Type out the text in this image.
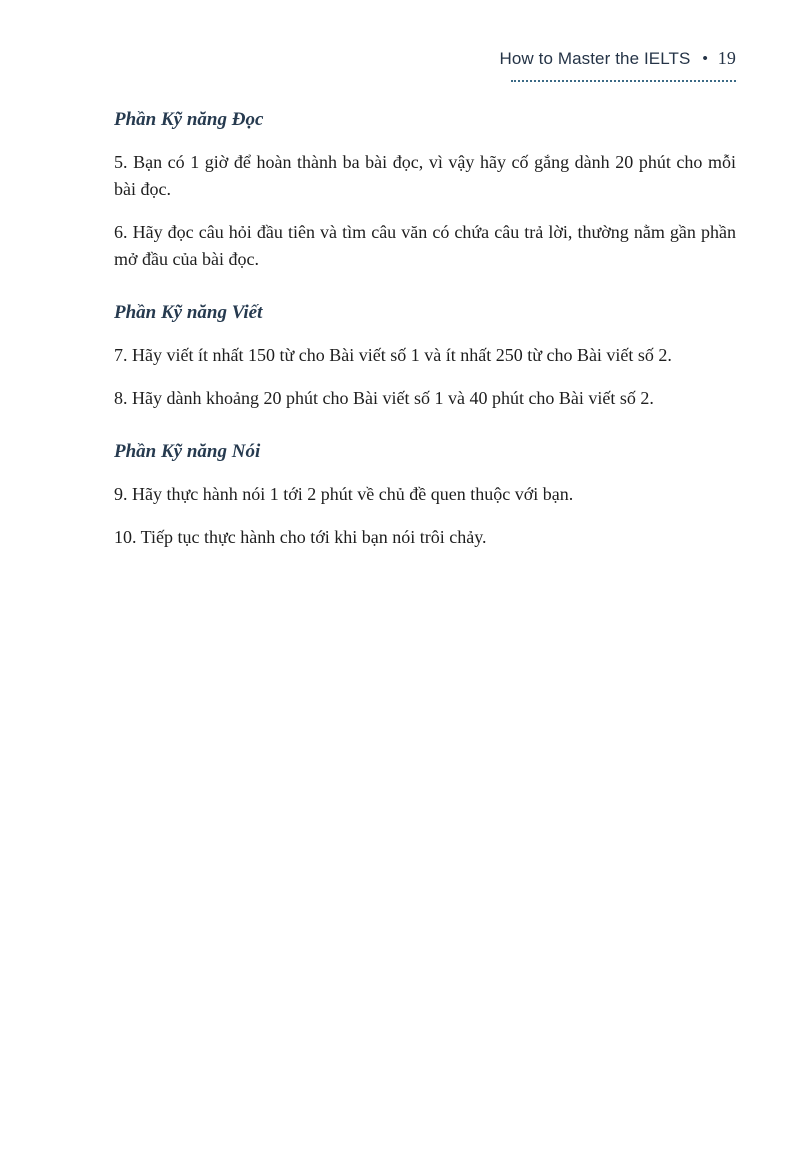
How to Master the IELTS • 19
Phần Kỹ năng Đọc

5. Bạn có 1 giờ để hoàn thành ba bài đọc, vì vậy hãy cố gắng dành 20 phút cho mỗi bài đọc.

6. Hãy đọc câu hỏi đầu tiên và tìm câu văn có chứa câu trả lời, thường nằm gần phần mở đầu của bài đọc.

Phần Kỹ năng Viết

7. Hãy viết ít nhất 150 từ cho Bài viết số 1 và ít nhất 250 từ cho Bài viết số 2.

8. Hãy dành khoảng 20 phút cho Bài viết số 1 và 40 phút cho Bài viết số 2.

Phần Kỹ năng Nói

9. Hãy thực hành nói 1 tới 2 phút về chủ đề quen thuộc với bạn.

10. Tiếp tục thực hành cho tới khi bạn nói trôi chảy.
